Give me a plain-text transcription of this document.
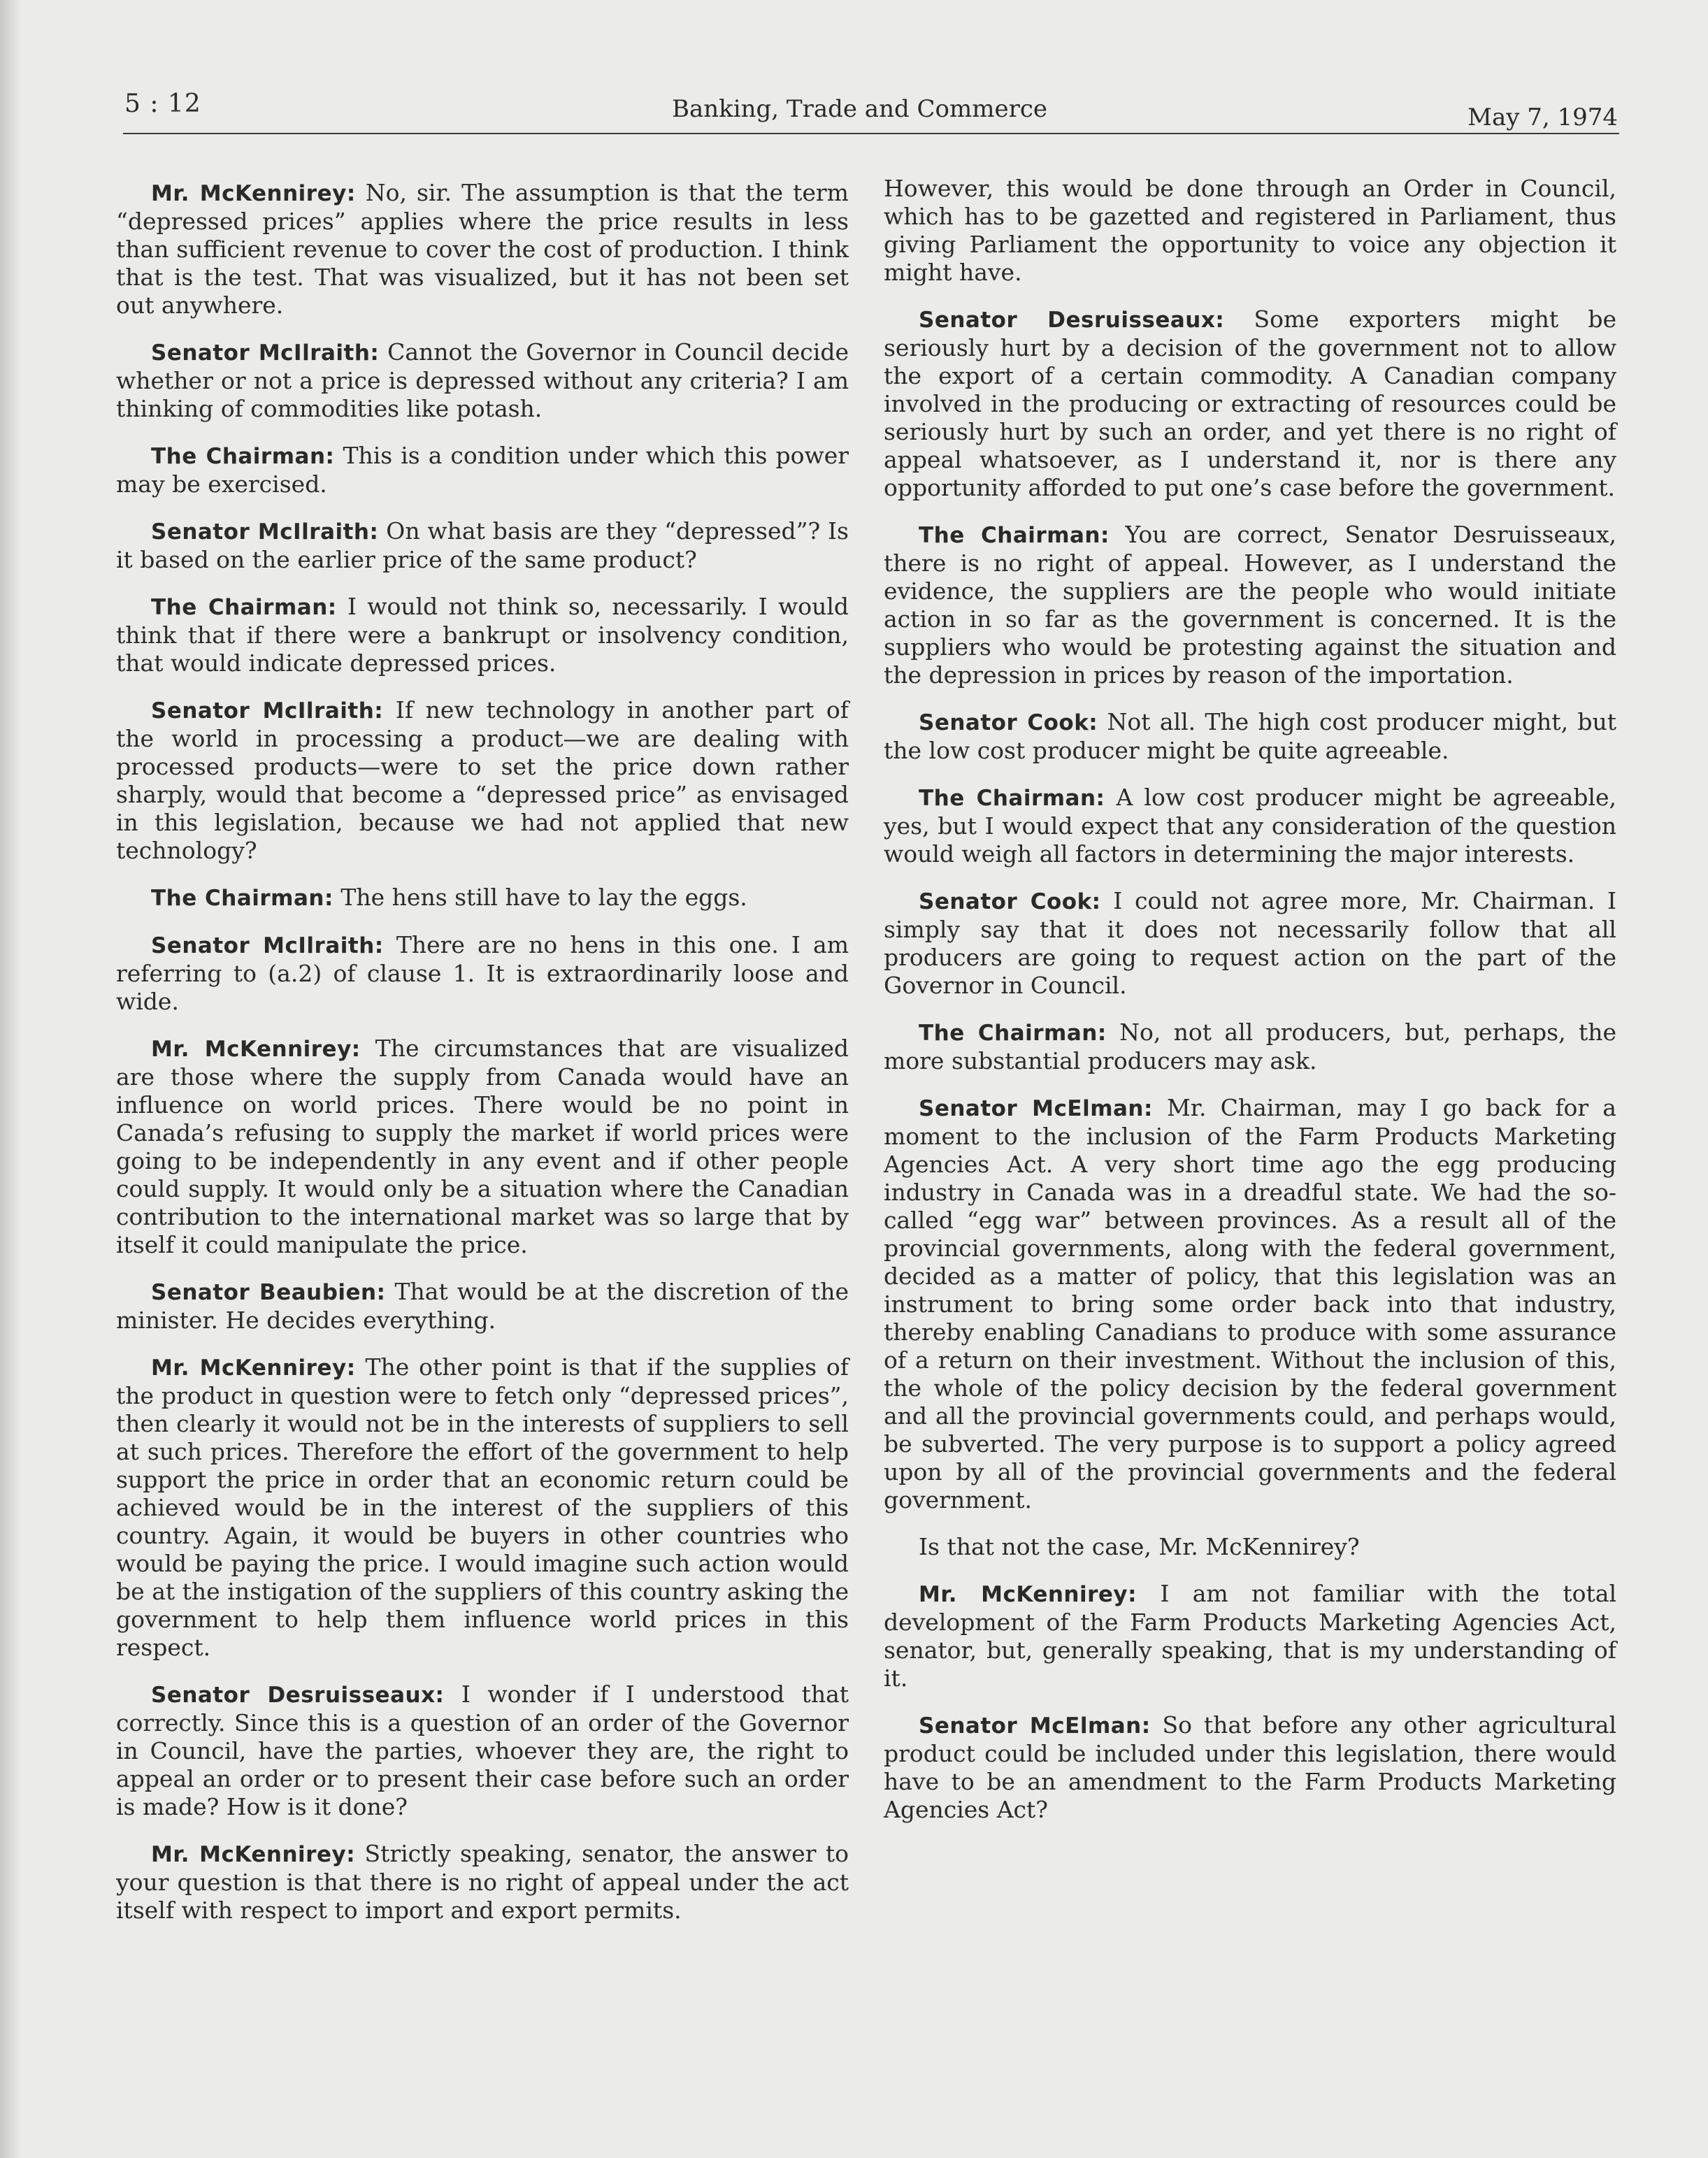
5 : 12	Banking, Trade and Commerce	May 7, 1974

Mr. McKennirey: No, sir. The assumption is that the term “depressed prices” applies where the price results in less than sufficient revenue to cover the cost of production. I think that is the test. That was visualized, but it has not been set out anywhere.

Senator McIlraith: Cannot the Governor in Council decide whether or not a price is depressed without any criteria? I am thinking of commodities like potash.

The Chairman: This is a condition under which this power may be exercised.

Senator McIlraith: On what basis are they “depressed”? Is it based on the earlier price of the same product?

The Chairman: I would not think so, necessarily. I would think that if there were a bankrupt or insolvency condition, that would indicate depressed prices.

Senator McIlraith: If new technology in another part of the world in processing a product—we are dealing with processed products—were to set the price down rather sharply, would that become a “depressed price” as envisaged in this legislation, because we had not applied that new technology?

The Chairman: The hens still have to lay the eggs.

Senator McIlraith: There are no hens in this one. I am referring to (a.2) of clause 1. It is extraordinarily loose and wide.

Mr. McKennirey: The circumstances that are visualized are those where the supply from Canada would have an influence on world prices. There would be no point in Canada’s refusing to supply the market if world prices were going to be independently in any event and if other people could supply. It would only be a situation where the Canadian contribution to the international market was so large that by itself it could manipulate the price.

Senator Beaubien: That would be at the discretion of the minister. He decides everything.

Mr. McKennirey: The other point is that if the supplies of the product in question were to fetch only “depressed prices”, then clearly it would not be in the interests of suppliers to sell at such prices. Therefore the effort of the government to help support the price in order that an economic return could be achieved would be in the interest of the suppliers of this country. Again, it would be buyers in other countries who would be paying the price. I would imagine such action would be at the instigation of the suppliers of this country asking the government to help them influence world prices in this respect.

Senator Desruisseaux: I wonder if I understood that correctly. Since this is a question of an order of the Governor in Council, have the parties, whoever they are, the right to appeal an order or to present their case before such an order is made? How is it done?

Mr. McKennirey: Strictly speaking, senator, the answer to your question is that there is no right of appeal under the act itself with respect to import and export permits.

However, this would be done through an Order in Council, which has to be gazetted and registered in Parliament, thus giving Parliament the opportunity to voice any objection it might have.

Senator Desruisseaux: Some exporters might be seriously hurt by a decision of the government not to allow the export of a certain commodity. A Canadian company involved in the producing or extracting of resources could be seriously hurt by such an order, and yet there is no right of appeal whatsoever, as I understand it, nor is there any opportunity afforded to put one’s case before the government.

The Chairman: You are correct, Senator Desruisseaux, there is no right of appeal. However, as I understand the evidence, the suppliers are the people who would initiate action in so far as the government is concerned. It is the suppliers who would be protesting against the situation and the depression in prices by reason of the importation.

Senator Cook: Not all. The high cost producer might, but the low cost producer might be quite agreeable.

The Chairman: A low cost producer might be agreeable, yes, but I would expect that any consideration of the question would weigh all factors in determining the major interests.

Senator Cook: I could not agree more, Mr. Chairman. I simply say that it does not necessarily follow that all producers are going to request action on the part of the Governor in Council.

The Chairman: No, not all producers, but, perhaps, the more substantial producers may ask.

Senator McElman: Mr. Chairman, may I go back for a moment to the inclusion of the Farm Products Marketing Agencies Act. A very short time ago the egg producing industry in Canada was in a dreadful state. We had the so-called “egg war” between provinces. As a result all of the provincial governments, along with the federal government, decided as a matter of policy, that this legislation was an instrument to bring some order back into that industry, thereby enabling Canadians to produce with some assurance of a return on their investment. Without the inclusion of this, the whole of the policy decision by the federal government and all the provincial governments could, and perhaps would, be subverted. The very purpose is to support a policy agreed upon by all of the provincial governments and the federal government.

Is that not the case, Mr. McKennirey?

Mr. McKennirey: I am not familiar with the total development of the Farm Products Marketing Agencies Act, senator, but, generally speaking, that is my understanding of it.

Senator McElman: So that before any other agricultural product could be included under this legislation, there would have to be an amendment to the Farm Products Marketing Agencies Act?
